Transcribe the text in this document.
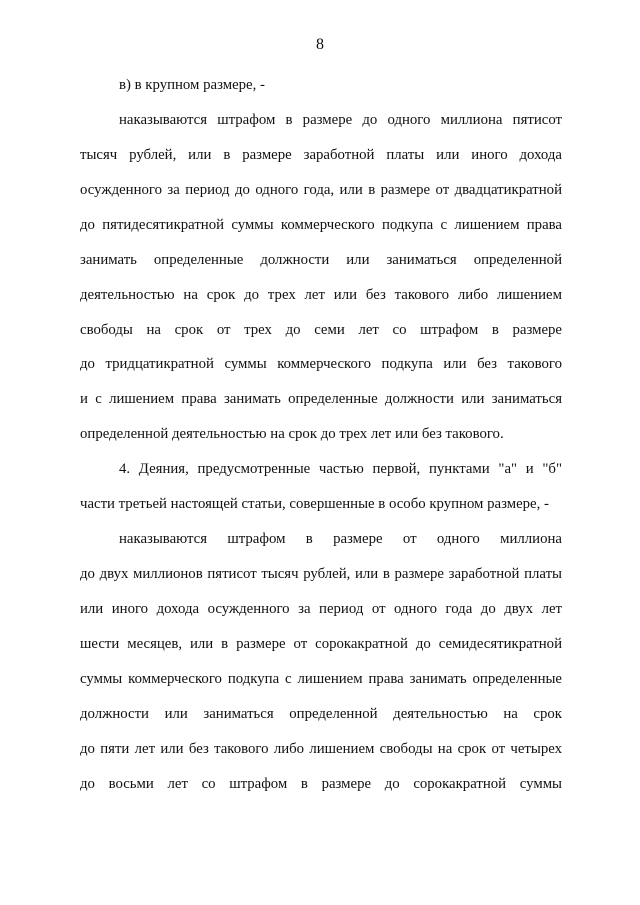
8
в) в крупном размере, -
наказываются штрафом в размере до одного миллиона пятисот
тысяч рублей, или в размере заработной платы или иного дохода
осужденного за период до одного года, или в размере от двадцатикратной
до пятидесятикратной суммы коммерческого подкупа с лишением права
занимать определенные должности или заниматься определенной
деятельностью на срок до трех лет или без такового либо лишением
свободы на срок от трех до семи лет со штрафом в размере
до тридцатикратной суммы коммерческого подкупа или без такового
и с лишением права занимать определенные должности или заниматься
определенной деятельностью на срок до трех лет или без такового.
4. Деяния, предусмотренные частью первой, пунктами "а" и "б"
части третьей настоящей статьи, совершенные в особо крупном размере, -
наказываются штрафом в размере от одного миллиона
до двух миллионов пятисот тысяч рублей, или в размере заработной платы
или иного дохода осужденного за период от одного года до двух лет
шести месяцев, или в размере от сорокакратной до семидесятикратной
суммы коммерческого подкупа с лишением права занимать определенные
должности или заниматься определенной деятельностью на срок
до пяти лет или без такового либо лишением свободы на срок от четырех
до восьми лет со штрафом в размере до сорокакратной суммы
